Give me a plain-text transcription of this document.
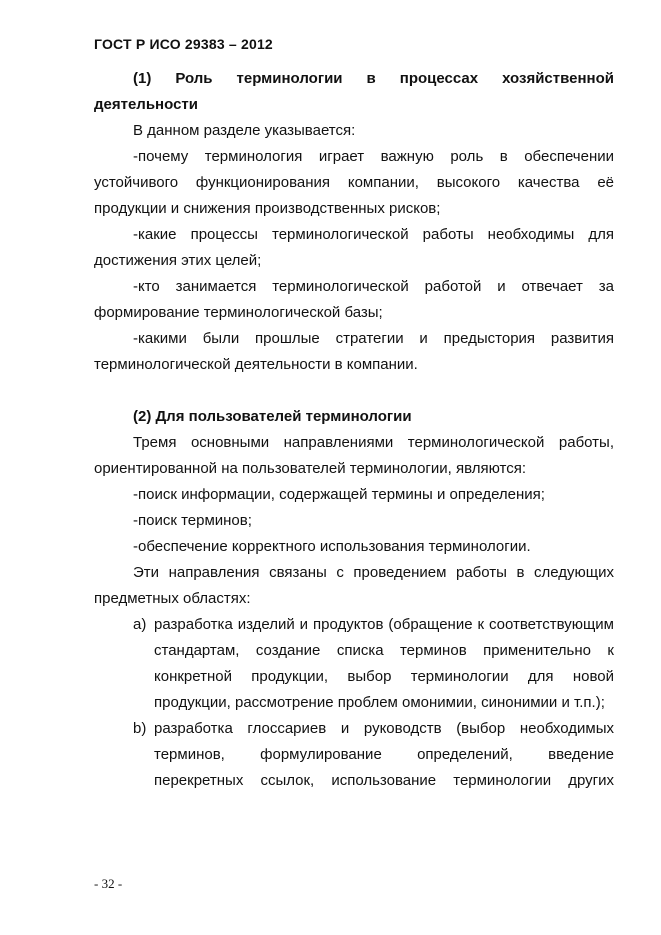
ГОСТ Р ИСО 29383 – 2012

(1) Роль терминологии в процессах хозяйственной деятельности

В данном разделе указывается:

-почему терминология играет важную роль в обеспечении устойчивого функционирования компании, высокого качества её продукции и снижения производственных рисков;

-какие процессы терминологической работы необходимы для достижения этих целей;

-кто занимается терминологической работой и отвечает за формирование терминологической базы;

-какими были прошлые стратегии и предыстория развития терминологической деятельности в компании.

(2) Для пользователей терминологии

Тремя основными направлениями терминологической работы, ориентированной на пользователей терминологии, являются:

-поиск информации, содержащей термины и определения;

-поиск терминов;

-обеспечение корректного использования терминологии.

Эти направления связаны с проведением работы в следующих предметных областях:

a) разработка изделий и продуктов (обращение к соответствующим стандартам, создание списка терминов применительно к конкретной продукции, выбор терминологии для новой продукции, рассмотрение проблем омонимии, синонимии и т.п.);

b) разработка глоссариев и руководств (выбор необходимых терминов, формулирование определений, введение перекретных ссылок, использование терминологии других

- 32 -
